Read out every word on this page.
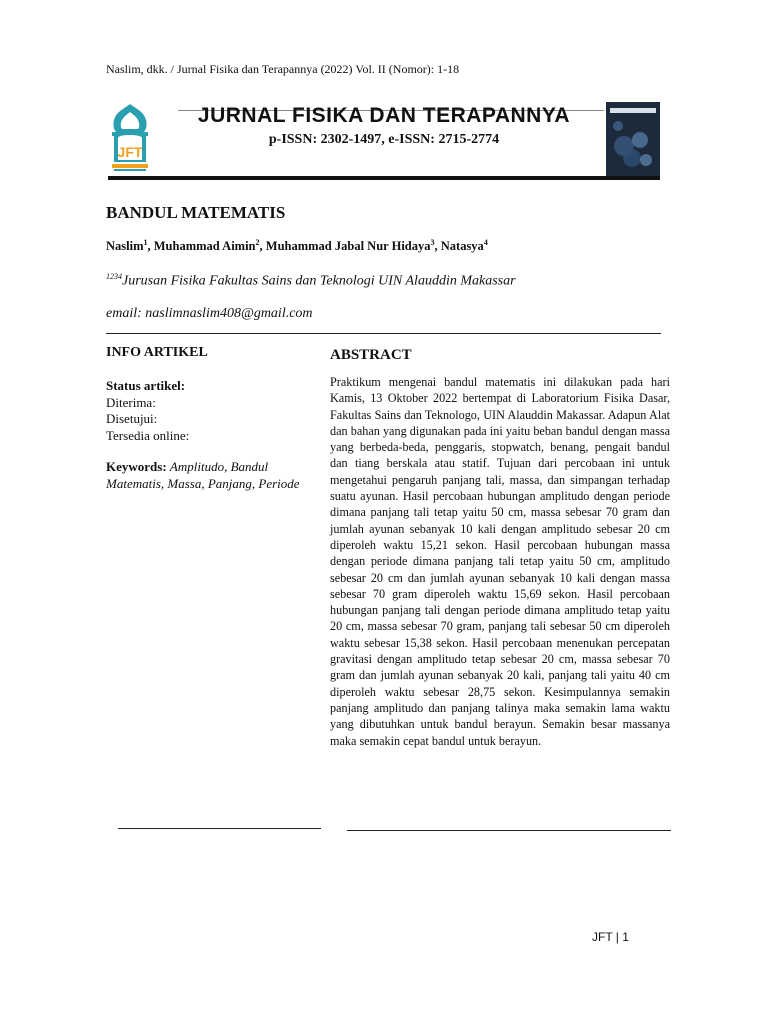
Naslim, dkk. / Jurnal Fisika dan Terapannya (2022) Vol. II (Nomor): 1-18
JFT
JURNAL FISIKA DAN TERAPANNYA
p-ISSN: 2302-1497, e-ISSN: 2715-2774
BANDUL MATEMATIS
Naslim$^1$, Muhammad Aimin$^2$, Muhammad Jabal Nur Hidaya$^3$, Natasya$^4$
$^{1234}$Jurusan Fisika Fakultas Sains dan Teknologi UIN Alauddin Makassar
email: naslimnaslim408@gmail.com
INFO ARTIKEL
Status artikel:
Diterima:
Disetujui:
Tersedia online:
Keywords: Amplitudo, Bandul Matematis, Massa, Panjang, Periode
ABSTRACT
Praktikum mengenai bandul matematis ini dilakukan pada hari Kamis, 13 Oktober 2022 bertempat di Laboratorium Fisika Dasar, Fakultas Sains dan Teknologo, UIN Alauddin Makassar. Adapun Alat dan bahan yang digunakan pada ini yaitu beban bandul dengan massa yang berbeda-beda, penggaris, stopwatch, benang, pengait bandul dan tiang berskala atau statif. Tujuan dari percobaan ini untuk mengetahui pengaruh panjang tali, massa, dan simpangan terhadap suatu ayunan. Hasil percobaan hubungan amplitudo dengan periode dimana panjang tali tetap yaitu 50 cm, massa sebesar 70 gram dan jumlah ayunan sebanyak 10 kali dengan amplitudo sebesar 20 cm diperoleh waktu 15,21 sekon. Hasil percobaan hubungan massa dengan periode dimana panjang tali tetap yaitu 50 cm, amplitudo sebesar 20 cm dan jumlah ayunan sebanyak 10 kali dengan massa sebesar 70 gram diperoleh waktu 15,69 sekon. Hasil percobaan hubungan panjang tali dengan periode dimana amplitudo tetap yaitu 20 cm, massa sebesar 70 gram, panjang tali sebesar 50 cm diperoleh waktu sebesar 15,38 sekon. Hasil percobaan menenukan percepatan gravitasi dengan amplitudo tetap sebesar 20 cm, massa sebesar 70 gram dan jumlah ayunan sebanyak 20 kali, panjang tali yaitu 40 cm diperoleh waktu sebesar 28,75 sekon. Kesimpulannya semakin panjang amplitudo dan panjang talinya maka semakin lama waktu yang dibutuhkan untuk bandul berayun. Semakin besar massanya maka semakin cepat bandul untuk berayun.
JFT | 1
